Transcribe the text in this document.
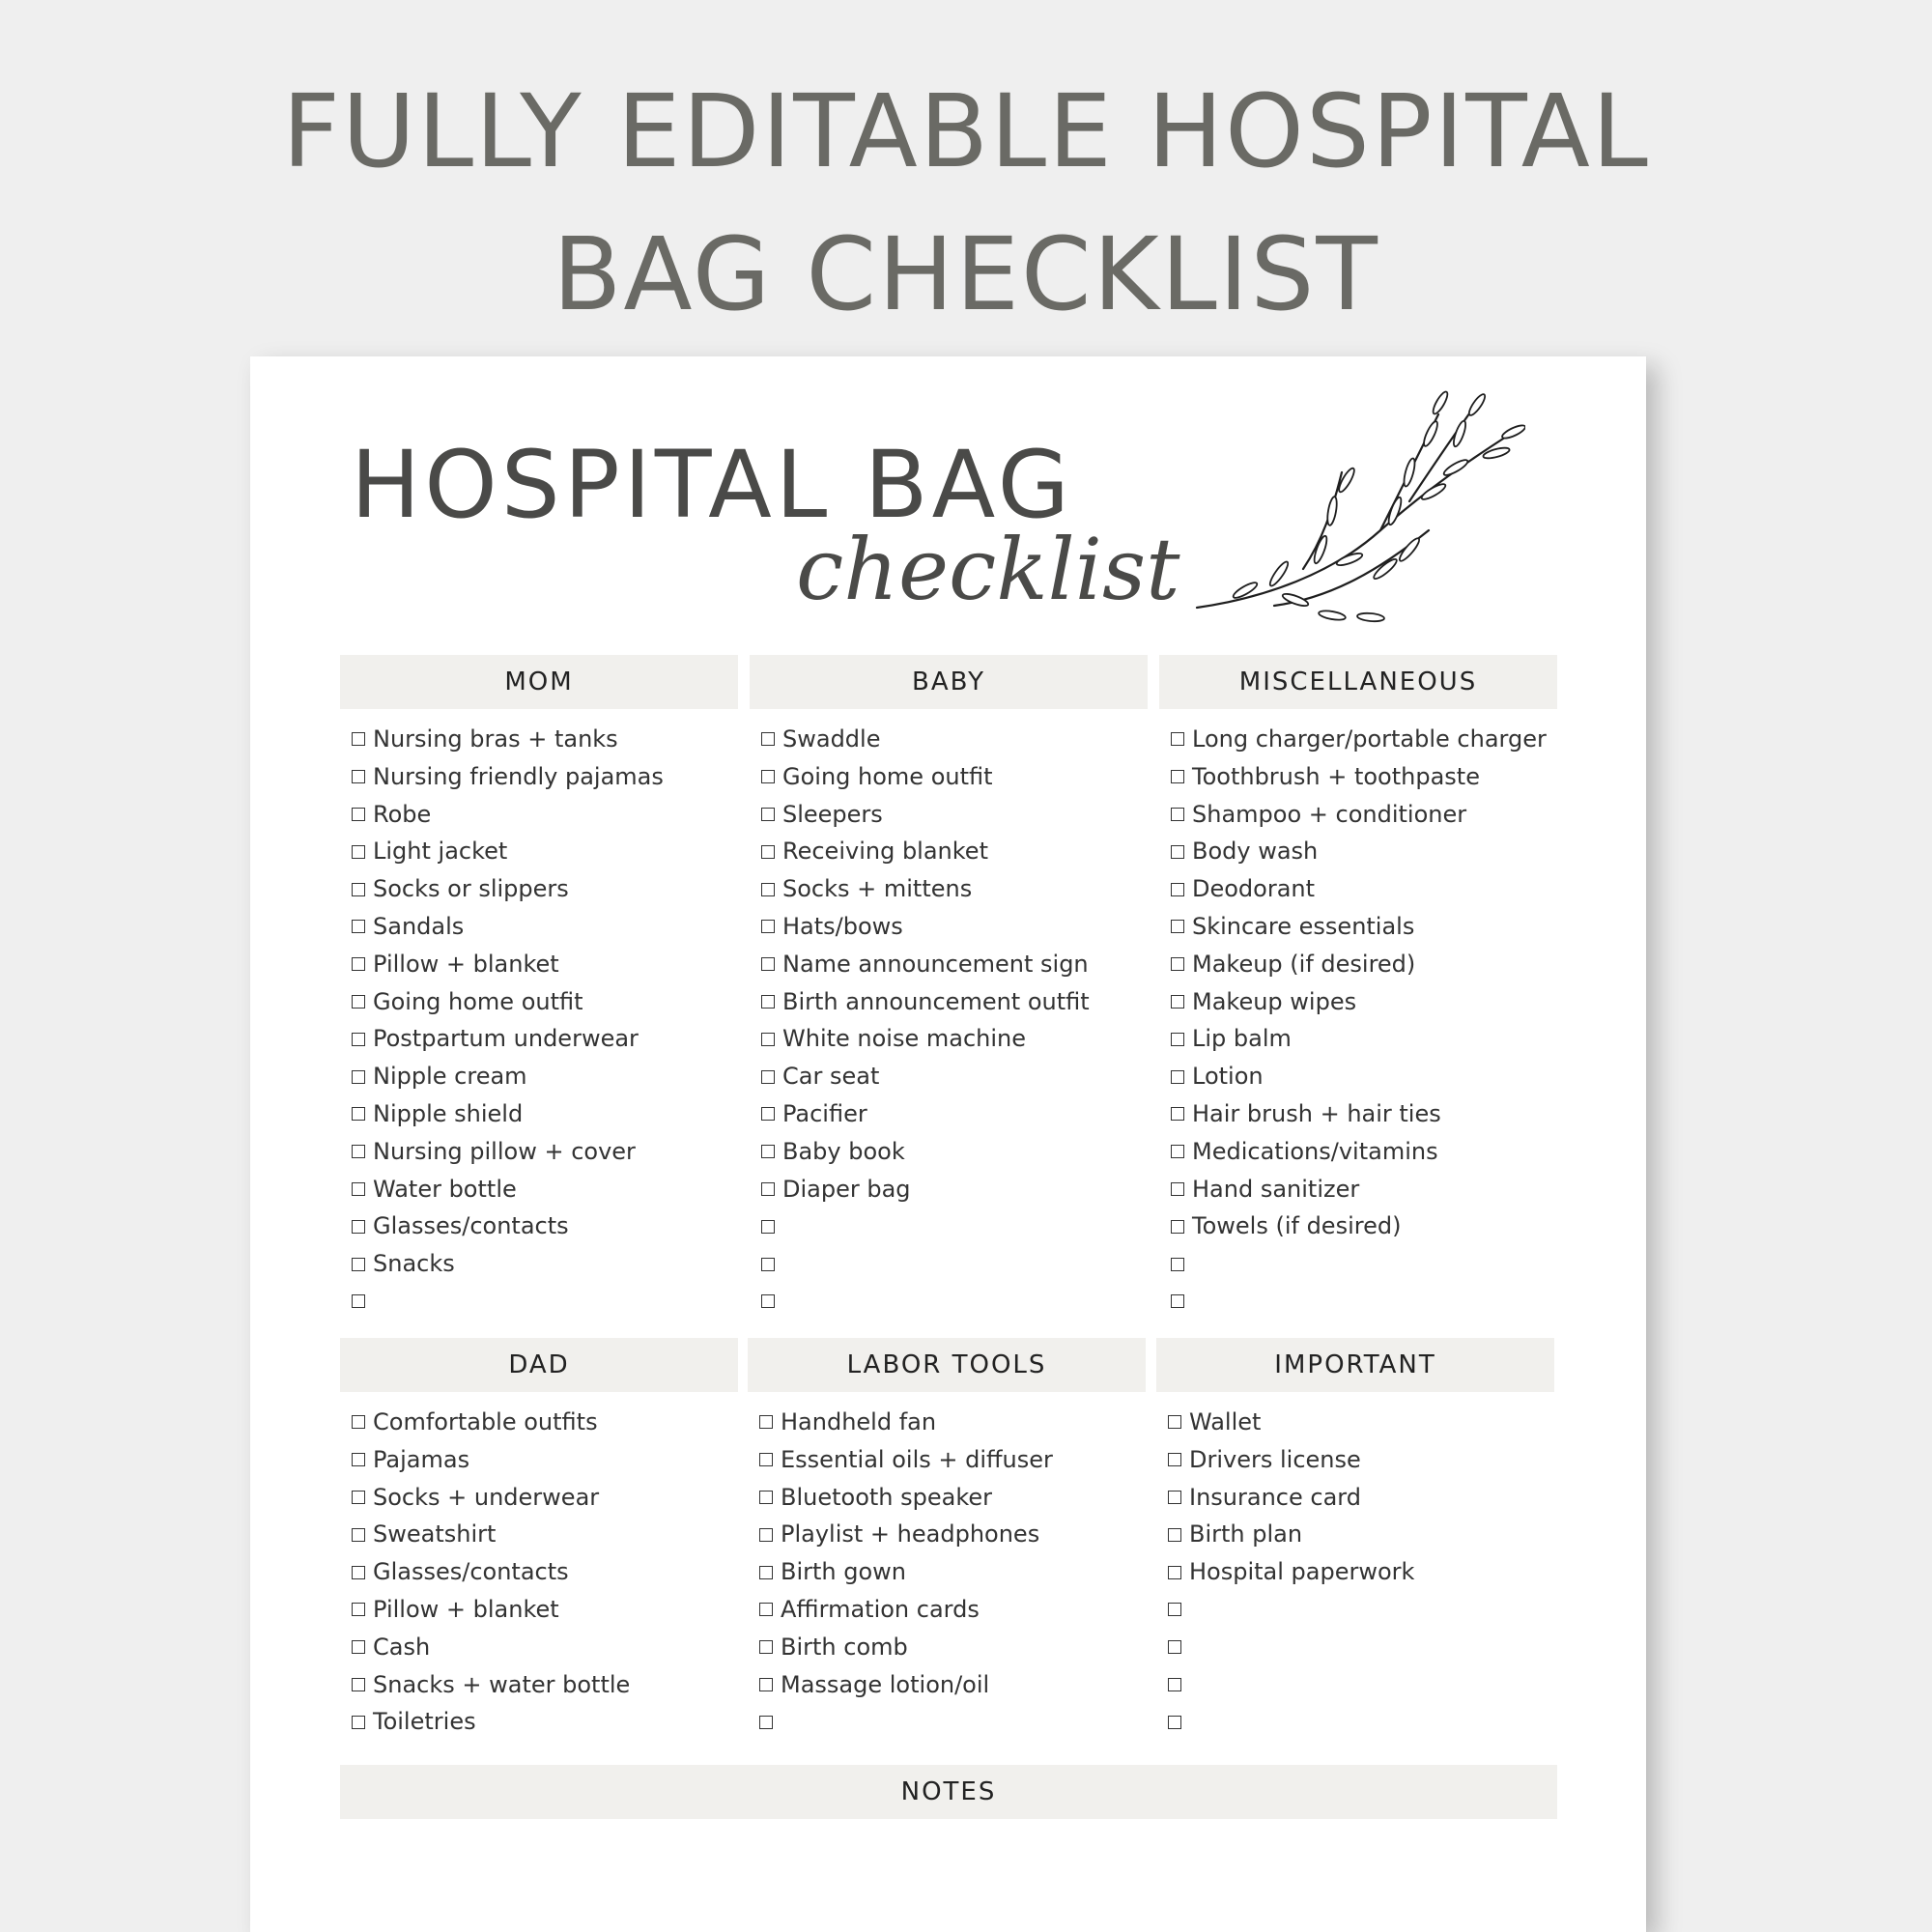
FULLY EDITABLE HOSPITAL
BAG CHECKLIST
HOSPITAL BAG
checklist
MOM
Nursing bras + tanks
Nursing friendly pajamas
Robe
Light jacket
Socks or slippers
Sandals
Pillow + blanket
Going home outfit
Postpartum underwear
Nipple cream
Nipple shield
Nursing pillow + cover
Water bottle
Glasses/contacts
Snacks
BABY
Swaddle
Going home outfit
Sleepers
Receiving blanket
Socks + mittens
Hats/bows
Name announcement sign
Birth announcement outfit
White noise machine
Car seat
Pacifier
Baby book
Diaper bag
MISCELLANEOUS
Long charger/portable charger
Toothbrush + toothpaste
Shampoo + conditioner
Body wash
Deodorant
Skincare essentials
Makeup (if desired)
Makeup wipes
Lip balm
Lotion
Hair brush + hair ties
Medications/vitamins
Hand sanitizer
Towels (if desired)
DAD
Comfortable outfits
Pajamas
Socks + underwear
Sweatshirt
Glasses/contacts
Pillow + blanket
Cash
Snacks + water bottle
Toiletries
LABOR TOOLS
Handheld fan
Essential oils + diffuser
Bluetooth speaker
Playlist + headphones
Birth gown
Affirmation cards
Birth comb
Massage lotion/oil
IMPORTANT
Wallet
Drivers license
Insurance card
Birth plan
Hospital paperwork
NOTES
